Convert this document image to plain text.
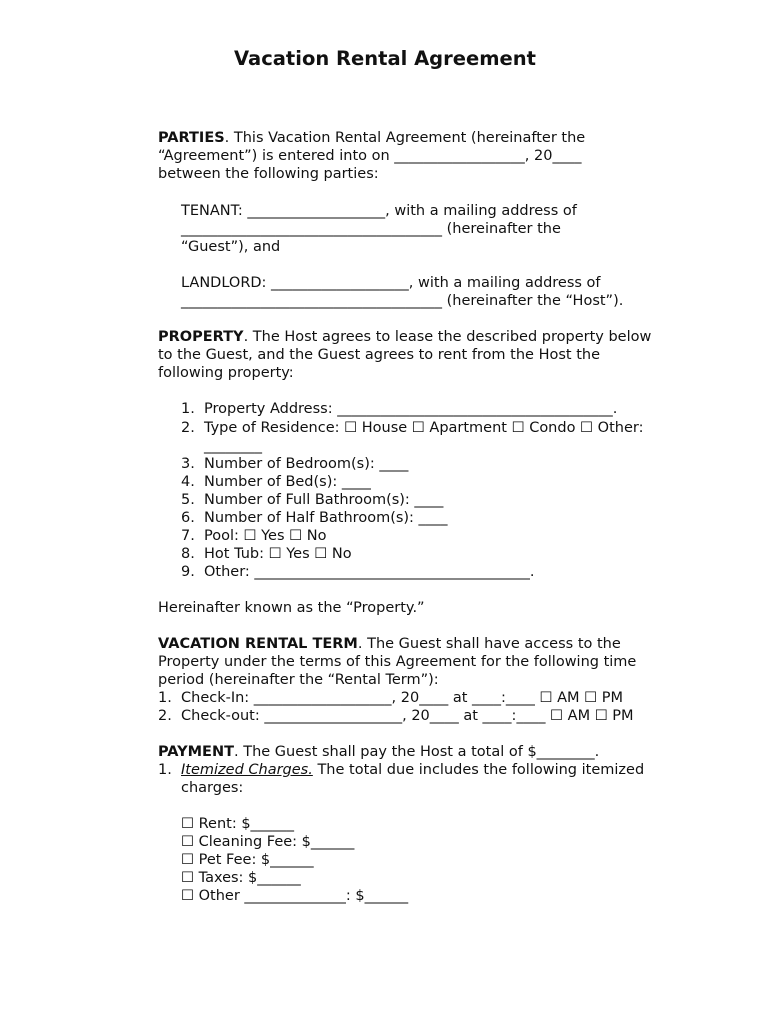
Vacation Rental Agreement
PARTIES. This Vacation Rental Agreement (hereinafter the
“Agreement”) is entered into on __________________, 20____
between the following parties:
TENANT: ___________________, with a mailing address of
____________________________________ (hereinafter the
“Guest”), and
LANDLORD: ___________________, with a mailing address of
____________________________________ (hereinafter the “Host”).
PROPERTY. The Host agrees to lease the described property below
to the Guest, and the Guest agrees to rent from the Host the
following property:
1. Property Address: ______________________________________.
2. Type of Residence: ☐ House ☐ Apartment ☐ Condo ☐ Other:
________
3. Number of Bedroom(s): ____
4. Number of Bed(s): ____
5. Number of Full Bathroom(s): ____
6. Number of Half Bathroom(s): ____
7. Pool: ☐ Yes ☐ No
8. Hot Tub: ☐ Yes ☐ No
9. Other: ______________________________________.
Hereinafter known as the “Property.”
VACATION RENTAL TERM. The Guest shall have access to the
Property under the terms of this Agreement for the following time
period (hereinafter the “Rental Term”):
1. Check-In: ___________________, 20____ at ____:____ ☐ AM ☐ PM
2. Check-out: ___________________, 20____ at ____:____ ☐ AM ☐ PM
PAYMENT. The Guest shall pay the Host a total of $________.
1. Itemized Charges. The total due includes the following itemized
charges:
☐ Rent: $______
☐ Cleaning Fee: $______
☐ Pet Fee: $______
☐ Taxes: $______
☐ Other ______________: $______
